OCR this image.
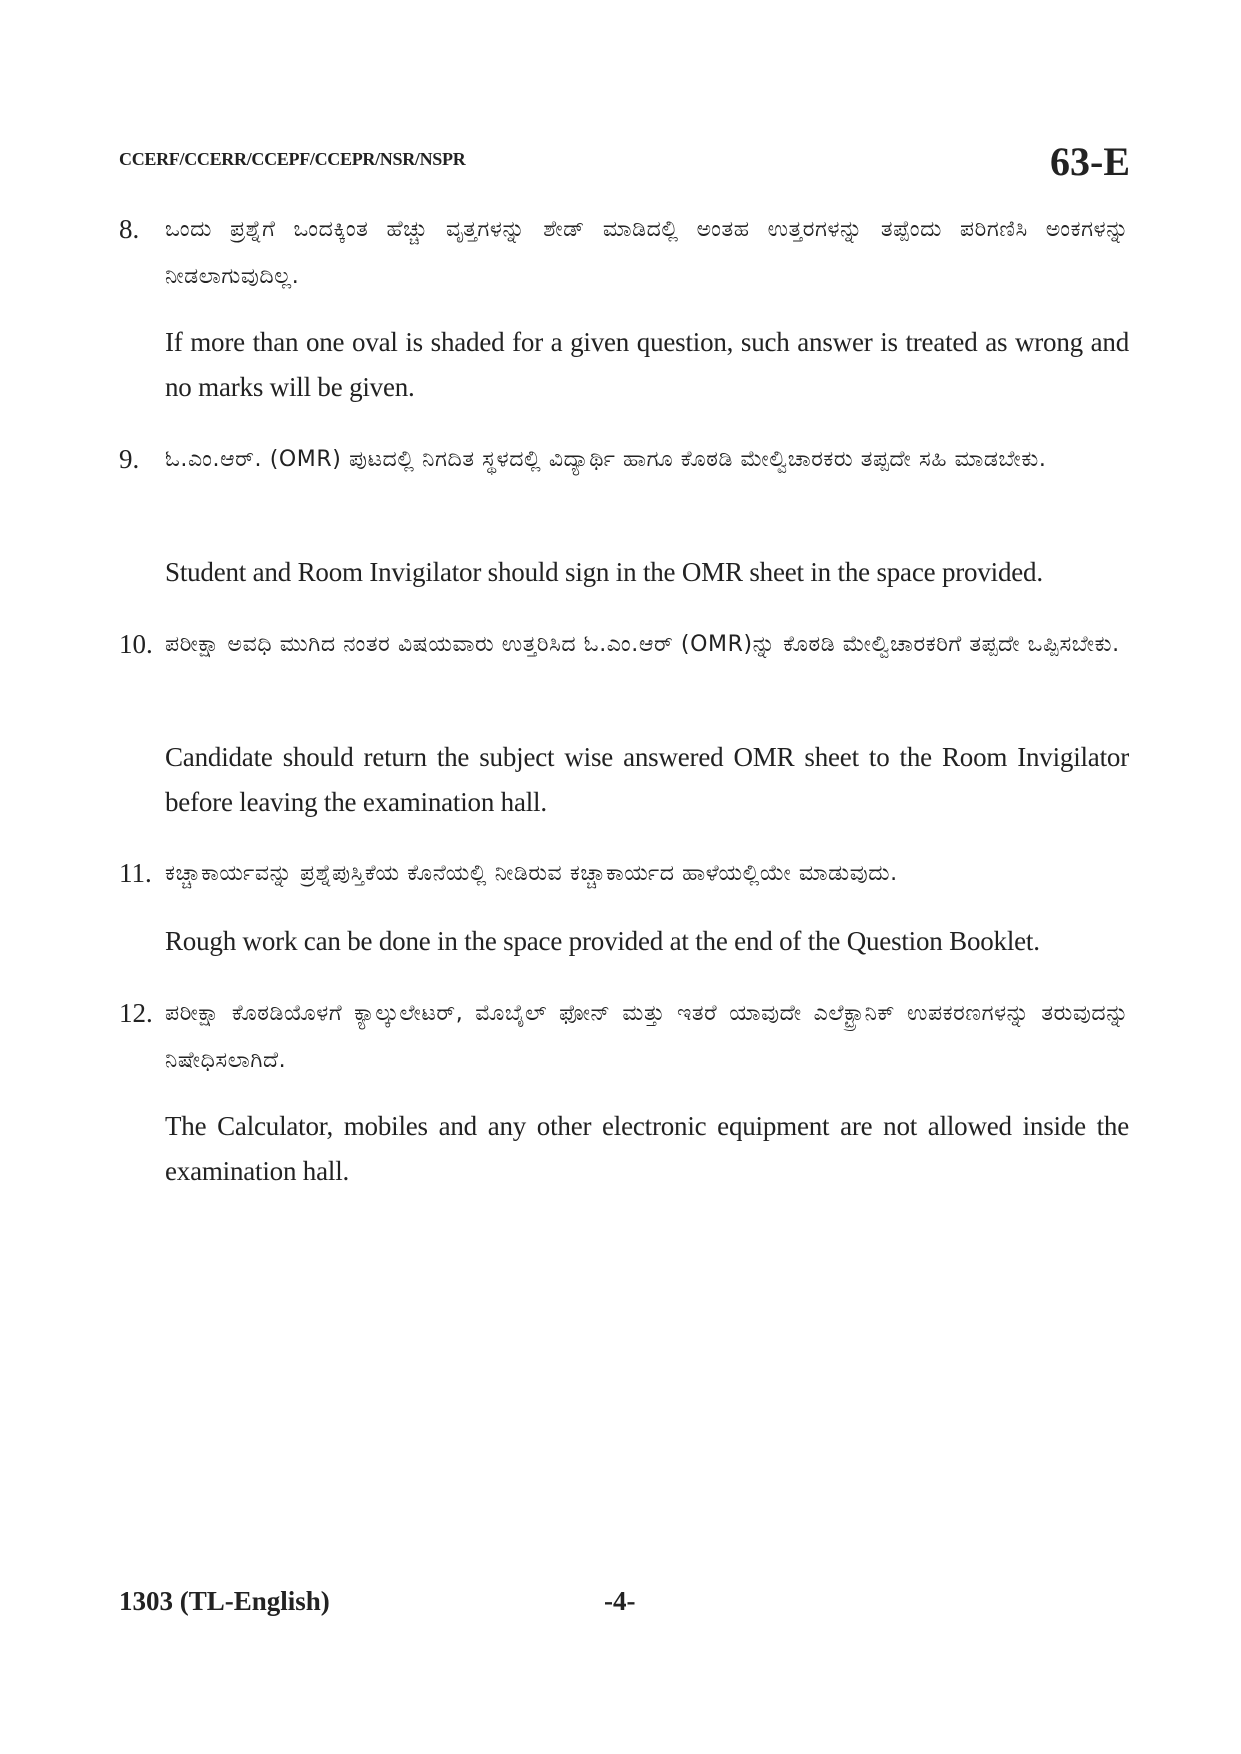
CCERF/CCERR/CCEPF/CCEPR/NSR/NSPR	63-E
8. ಒಂದು ಪ್ರಶ್ನೆಗೆ ಒಂದಕ್ಕಿಂತ ಹೆಚ್ಚು ವೃತ್ತಗಳನ್ನು ಶೇಡ್ ಮಾಡಿದಲ್ಲಿ ಅಂತಹ ಉತ್ತರಗಳನ್ನು ತಪ್ಪೆಂದು ಪರಿಗಣಿಸಿ ಅಂಕಗಳನ್ನು ನೀಡಲಾಗುವುದಿಲ್ಲ.
If more than one oval is shaded for a given question, such answer is treated as wrong and no marks will be given.
9. ಓ.ಎಂ.ಆರ್. (OMR) ಪುಟದಲ್ಲಿ ನಿಗದಿತ ಸ್ಥಳದಲ್ಲಿ ವಿದ್ಯಾರ್ಥಿ ಹಾಗೂ ಕೊಠಡಿ ಮೇಲ್ವಿಚಾರಕರು ತಪ್ಪದೇ ಸಹಿ ಮಾಡಬೇಕು.
Student and Room Invigilator should sign in the OMR sheet in the space provided.
10. ಪರೀಕ್ಷಾ ಅವಧಿ ಮುಗಿದ ನಂತರ ವಿಷಯವಾರು ಉತ್ತರಿಸಿದ ಓ.ಎಂ.ಆರ್ (OMR)ನ್ನು ಕೊಠಡಿ ಮೇಲ್ವಿಚಾರಕರಿಗೆ ತಪ್ಪದೇ ಒಪ್ಪಿಸಬೇಕು.
Candidate should return the subject wise answered OMR sheet to the Room Invigilator before leaving the examination hall.
11. ಕಚ್ಚಾಕಾರ್ಯವನ್ನು ಪ್ರಶ್ನೆಪುಸ್ತಿಕೆಯ ಕೊನೆಯಲ್ಲಿ ನೀಡಿರುವ ಕಚ್ಚಾಕಾರ್ಯದ ಹಾಳೆಯಲ್ಲಿಯೇ ಮಾಡುವುದು.
Rough work can be done in the space provided at the end of the Question Booklet.
12. ಪರೀಕ್ಷಾ ಕೊಠಡಿಯೊಳಗೆ ಕ್ಯಾಲ್ಕುಲೇಟರ್, ಮೊಬೈಲ್ ಫೋನ್ ಮತ್ತು ಇತರೆ ಯಾವುದೇ ಎಲೆಕ್ಟ್ರಾನಿಕ್ ಉಪಕರಣಗಳನ್ನು ತರುವುದನ್ನು ನಿಷೇಧಿಸಲಾಗಿದೆ.
The Calculator, mobiles and any other electronic equipment are not allowed inside the examination hall.
1303 (TL-English)	-4-
